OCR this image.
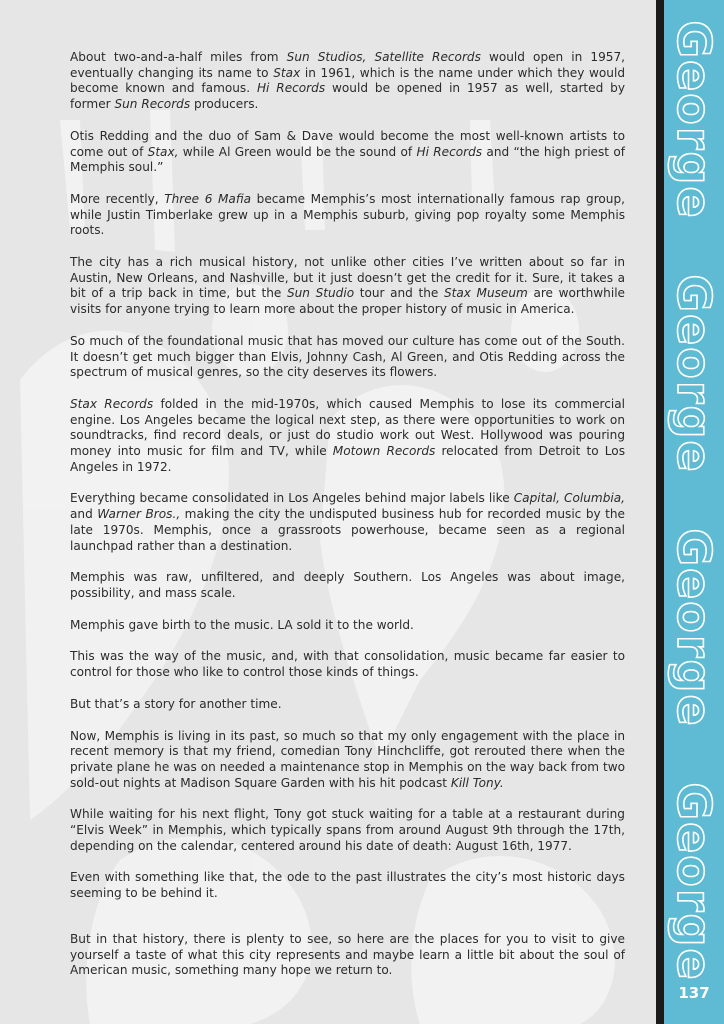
About two-and-a-half miles from Sun Studios, Satellite Records would open in 1957, eventually changing its name to Stax in 1961, which is the name under which they would become known and famous. Hi Records would be opened in 1957 as well, started by former Sun Records producers.

Otis Redding and the duo of Sam & Dave would become the most well-known artists to come out of Stax, while Al Green would be the sound of Hi Records and “the high priest of Memphis soul.”

More recently, Three 6 Mafia became Memphis’s most internationally famous rap group, while Justin Timberlake grew up in a Memphis suburb, giving pop royalty some Memphis roots.

The city has a rich musical history, not unlike other cities I’ve written about so far in Austin, New Orleans, and Nashville, but it just doesn’t get the credit for it. Sure, it takes a bit of a trip back in time, but the Sun Studio tour and the Stax Museum are worthwhile visits for anyone trying to learn more about the proper history of music in America.

So much of the foundational music that has moved our culture has come out of the South. It doesn’t get much bigger than Elvis, Johnny Cash, Al Green, and Otis Redding across the spectrum of musical genres, so the city deserves its flowers.

Stax Records folded in the mid-1970s, which caused Memphis to lose its commercial engine. Los Angeles became the logical next step, as there were opportunities to work on soundtracks, find record deals, or just do studio work out West. Hollywood was pouring money into music for film and TV, while Motown Records relocated from Detroit to Los Angeles in 1972.

Everything became consolidated in Los Angeles behind major labels like Capital, Columbia, and Warner Bros., making the city the undisputed business hub for recorded music by the late 1970s. Memphis, once a grassroots powerhouse, became seen as a regional launchpad rather than a destination.

Memphis was raw, unfiltered, and deeply Southern. Los Angeles was about image, possibility, and mass scale.

Memphis gave birth to the music. LA sold it to the world.

This was the way of the music, and, with that consolidation, music became far easier to control for those who like to control those kinds of things.

But that’s a story for another time.

Now, Memphis is living in its past, so much so that my only engagement with the place in recent memory is that my friend, comedian Tony Hinchcliffe, got rerouted there when the private plane he was on needed a maintenance stop in Memphis on the way back from two sold-out nights at Madison Square Garden with his hit podcast Kill Tony.

While waiting for his next flight, Tony got stuck waiting for a table at a restaurant during “Elvis Week” in Memphis, which typically spans from around August 9th through the 17th, depending on the calendar, centered around his date of death: August 16th, 1977.

Even with something like that, the ode to the past illustrates the city’s most historic days seeming to be behind it.

But in that history, there is plenty to see, so here are the places for you to visit to give yourself a taste of what this city represents and maybe learn a little bit about the soul of American music, something many hope we return to.

George
George
George
George
137
